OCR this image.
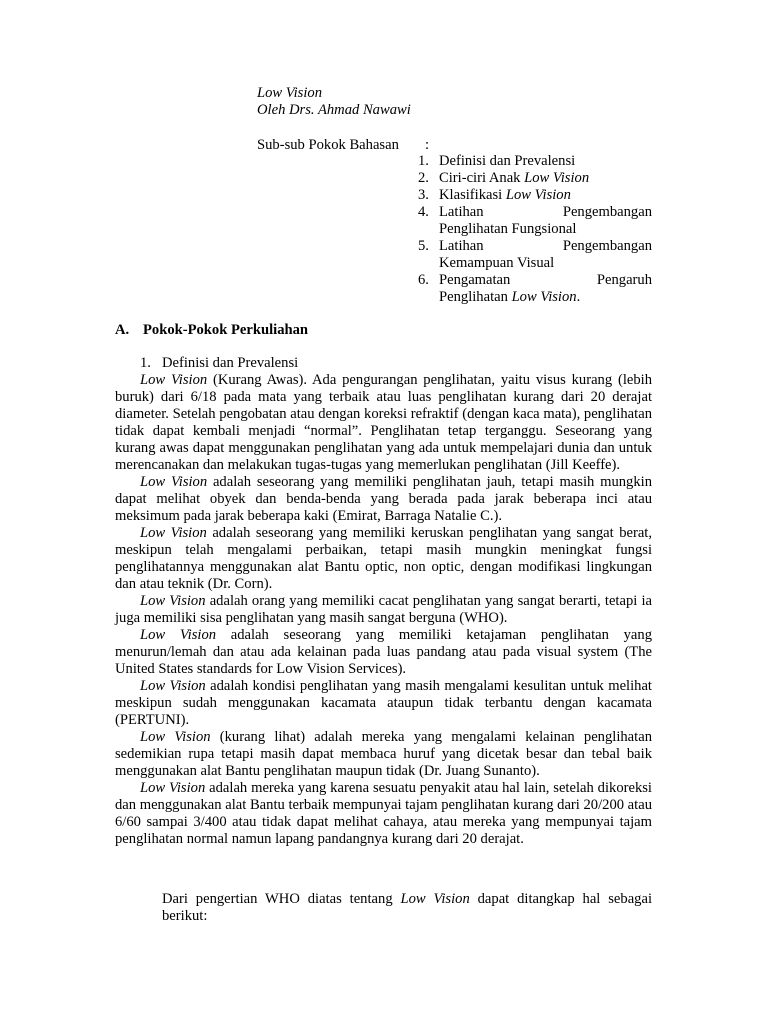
Low Vision
Oleh Drs. Ahmad Nawawi
Sub-sub Pokok Bahasan :
1. Definisi dan Prevalensi
2. Ciri-ciri Anak Low Vision
3. Klasifikasi Low Vision
4. Latihan	Pengembangan
Penglihatan Fungsional
5. Latihan	Pengembangan
Kemampuan Visual
6. Pengamatan	Pengaruh
Penglihatan Low Vision.
A. Pokok-Pokok Perkuliahan
1. Definisi dan Prevalensi

Low Vision (Kurang Awas). Ada pengurangan penglihatan, yaitu visus kurang (lebih buruk) dari 6/18 pada mata yang terbaik atau luas penglihatan kurang dari 20 derajat diameter. Setelah pengobatan atau dengan koreksi refraktif (dengan kaca mata), penglihatan tidak dapat kembali menjadi “normal”. Penglihatan tetap terganggu. Seseorang yang kurang awas dapat menggunakan penglihatan yang ada untuk mempelajari dunia dan untuk merencanakan dan melakukan tugas-tugas yang memerlukan penglihatan (Jill Keeffe).

Low Vision adalah seseorang yang memiliki penglihatan jauh, tetapi masih mungkin dapat melihat obyek dan benda-benda yang berada pada jarak beberapa inci atau meksimum pada jarak beberapa kaki (Emirat, Barraga Natalie C.).

Low Vision adalah seseorang yang memiliki keruskan penglihatan yang sangat berat, meskipun telah mengalami perbaikan, tetapi masih mungkin meningkat fungsi penglihatannya menggunakan alat Bantu optic, non optic, dengan modifikasi lingkungan dan atau teknik (Dr. Corn).

Low Vision adalah orang yang memiliki cacat penglihatan yang sangat berarti, tetapi ia juga memiliki sisa penglihatan yang masih sangat berguna (WHO).

Low Vision adalah seseorang yang memiliki ketajaman penglihatan yang menurun/lemah dan atau ada kelainan pada luas pandang atau pada visual system (The United States standards for Low Vision Services).

Low Vision adalah kondisi penglihatan yang masih mengalami kesulitan untuk melihat meskipun sudah menggunakan kacamata ataupun tidak terbantu dengan kacamata (PERTUNI).

Low Vision (kurang lihat) adalah mereka yang mengalami kelainan penglihatan sedemikian rupa tetapi masih dapat membaca huruf yang dicetak besar dan tebal baik menggunakan alat Bantu penglihatan maupun tidak (Dr. Juang Sunanto).

Low Vision adalah mereka yang karena sesuatu penyakit atau hal lain, setelah dikoreksi dan menggunakan alat Bantu terbaik mempunyai tajam penglihatan kurang dari 20/200 atau 6/60 sampai 3/400 atau tidak dapat melihat cahaya, atau mereka yang mempunyai tajam penglihatan normal namun lapang pandangnya kurang dari 20 derajat.

Dari pengertian WHO diatas tentang Low Vision dapat ditangkap hal sebagai berikut:
